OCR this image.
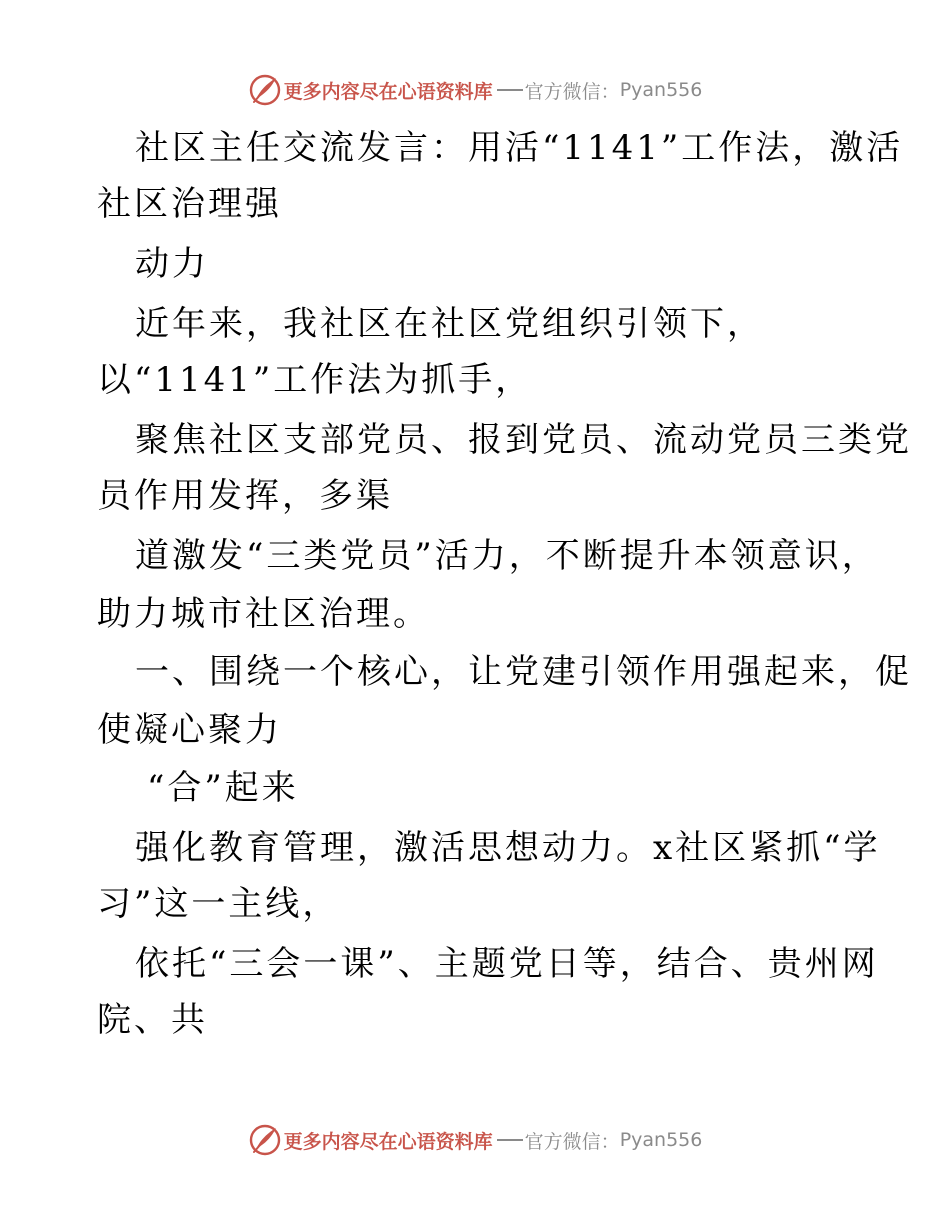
更多内容尽在心语资料库 官方微信： Pyan556
社区主任交流发言：用活“1141”工作法，激活
社区治理强
动力
近年来，我社区在社区党组织引领下，
以“1141”工作法为抓手，
聚焦社区支部党员、报到党员、流动党员三类党
员作用发挥，多渠
道激发“三类党员”活力，不断提升本领意识，
助力城市社区治理。
一、围绕一个核心，让党建引领作用强起来，促
使凝心聚力
“合”起来
强化教育管理，激活思想动力。x社区紧抓“学
习”这一主线，
依托“三会一课”、主题党日等，结合、贵州网
院、共
更多内容尽在心语资料库 官方微信： Pyan556
